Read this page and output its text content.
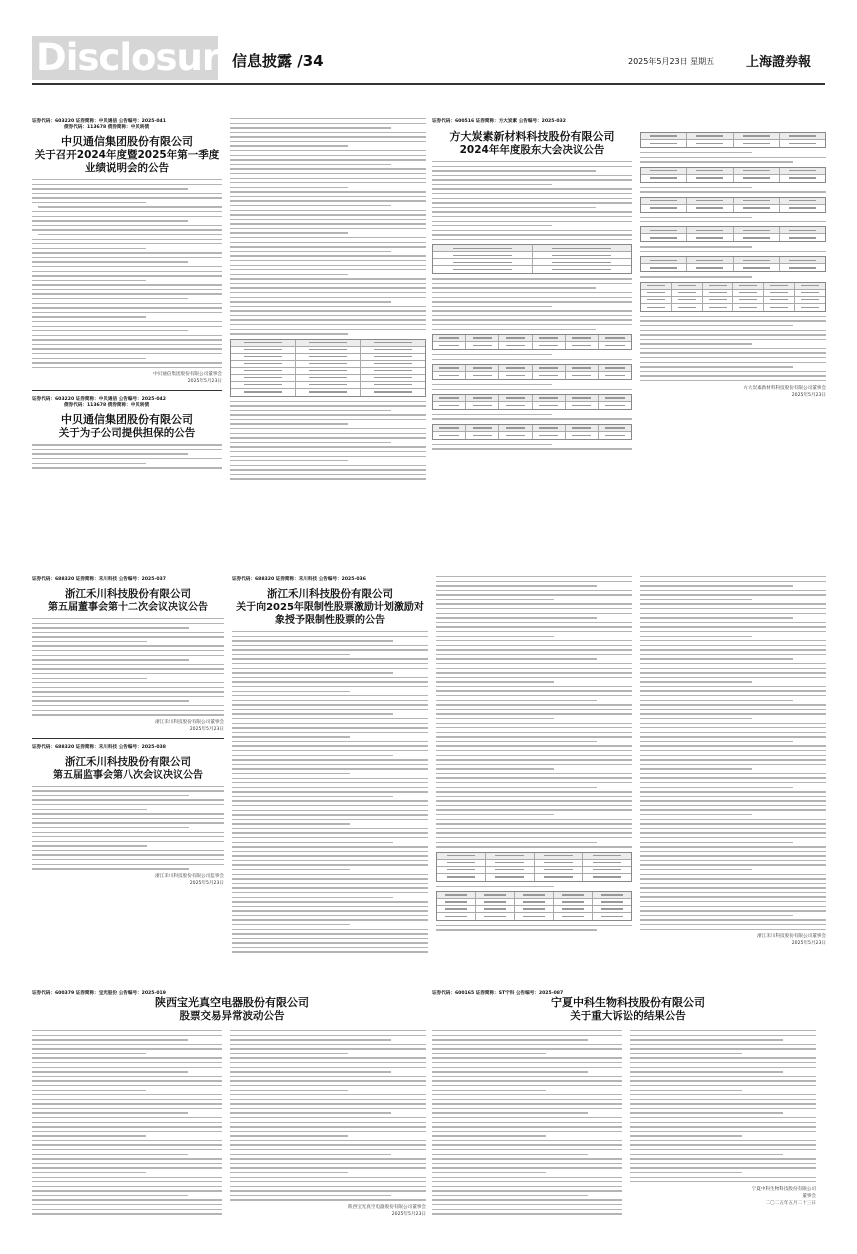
Disclosure
信息披露 /34	2025年5月23日 星期五 上海證券報
证券代码：603220 证券简称：中贝通信 公告编号：2025-041
债券代码：113678 债券简称：中贝转债
中贝通信集团股份有限公司
关于召开2024年度暨2025年第一季度业绩说明会的公告
中贝通信集团股份有限公司董事会
2025年5月23日
证券代码：603220 证券简称：中贝通信 公告编号：2025-042
债券代码：113678 债券简称：中贝转债
中贝通信集团股份有限公司
关于为子公司提供担保的公告
证券代码：600516 证券简称：方大炭素 公告编号：2025-032
方大炭素新材料科技股份有限公司
2024年年度股东大会决议公告
方大炭素新材料科技股份有限公司董事会
2025年5月23日
证券代码：688320 证券简称：禾川科技 公告编号：2025-037
浙江禾川科技股份有限公司
第五届董事会第十二次会议决议公告
浙江禾川科技股份有限公司董事会
2025年5月23日
证券代码：688320 证券简称：禾川科技 公告编号：2025-038
浙江禾川科技股份有限公司
第五届监事会第八次会议决议公告
浙江禾川科技股份有限公司监事会
2025年5月23日
证券代码：688320 证券简称：禾川科技 公告编号：2025-036
浙江禾川科技股份有限公司
关于向2025年限制性股票激励计划激励对象授予限制性股票的公告
浙江禾川科技股份有限公司董事会
2025年5月23日
证券代码：600379 证券简称：宝光股份 公告编号：2025-019
陕西宝光真空电器股份有限公司董事会
2025年5月23日
陕西宝光真空电器股份有限公司
股票交易异常波动公告
证券代码：600165 证券简称：ST宁科 公告编号：2025-087
宁夏中科生物科技股份有限公司
董事会
二〇二五年五月二十三日
宁夏中科生物科技股份有限公司
关于重大诉讼的结果公告
